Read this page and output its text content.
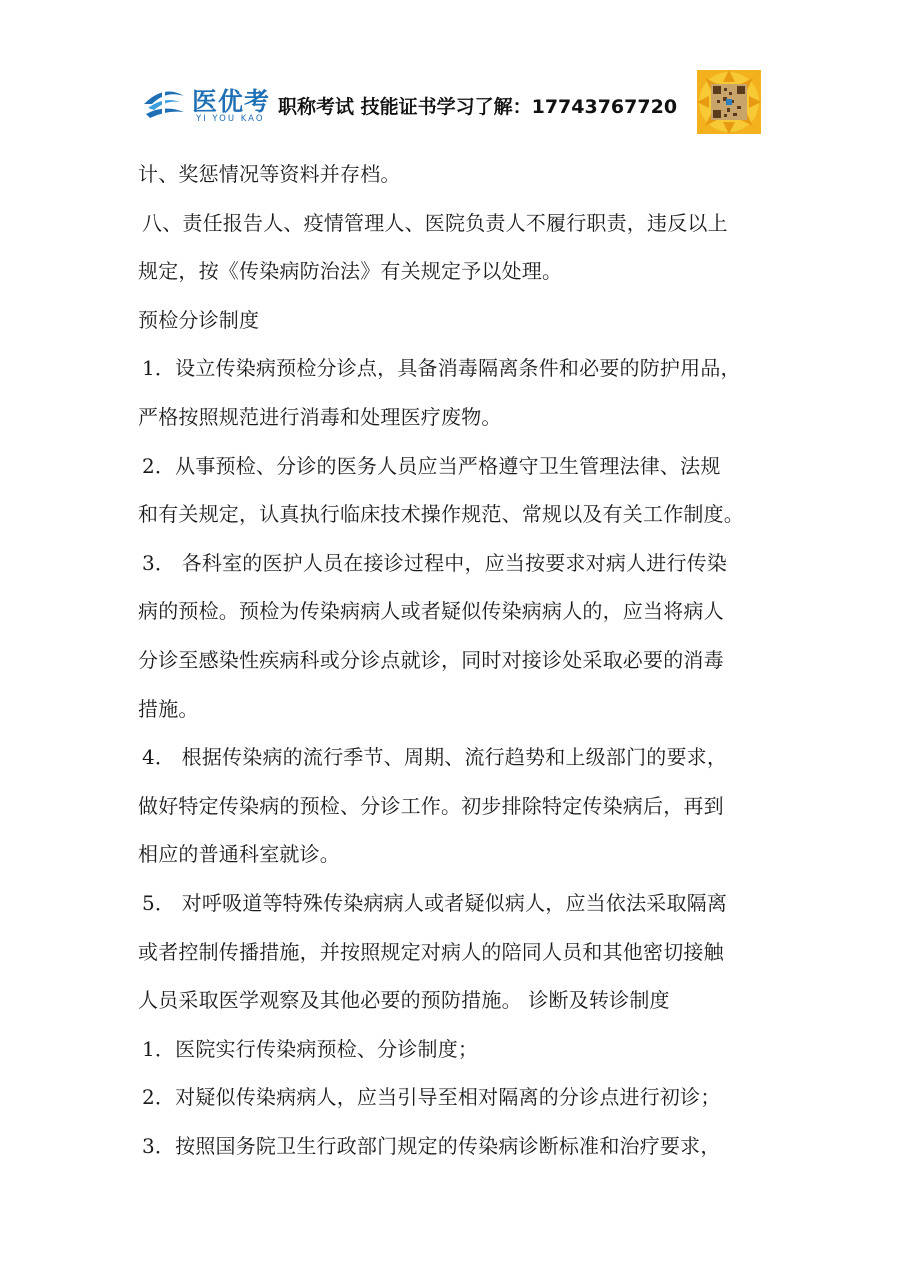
医优考
YI YOU KAO
职称考试 技能证书学习了解：17743767720
计、奖惩情况等资料并存档。
八、责任报告人、疫情管理人、医院负责人不履行职责，违反以上
规定，按《传染病防治法》有关规定予以处理。
预检分诊制度
1．设立传染病预检分诊点，具备消毒隔离条件和必要的防护用品，
严格按照规范进行消毒和处理医疗废物。
2．从事预检、分诊的医务人员应当严格遵守卫生管理法律、法规
和有关规定，认真执行临床技术操作规范、常规以及有关工作制度。
3． 各科室的医护人员在接诊过程中，应当按要求对病人进行传染
病的预检。预检为传染病病人或者疑似传染病病人的，应当将病人
分诊至感染性疾病科或分诊点就诊，同时对接诊处采取必要的消毒
措施。
4． 根据传染病的流行季节、周期、流行趋势和上级部门的要求，
做好特定传染病的预检、分诊工作。初步排除特定传染病后，再到
相应的普通科室就诊。
5． 对呼吸道等特殊传染病病人或者疑似病人，应当依法采取隔离
或者控制传播措施，并按照规定对病人的陪同人员和其他密切接触
人员采取医学观察及其他必要的预防措施。 诊断及转诊制度
1．医院实行传染病预检、分诊制度；
2．对疑似传染病病人，应当引导至相对隔离的分诊点进行初诊；
3．按照国务院卫生行政部门规定的传染病诊断标准和治疗要求，
